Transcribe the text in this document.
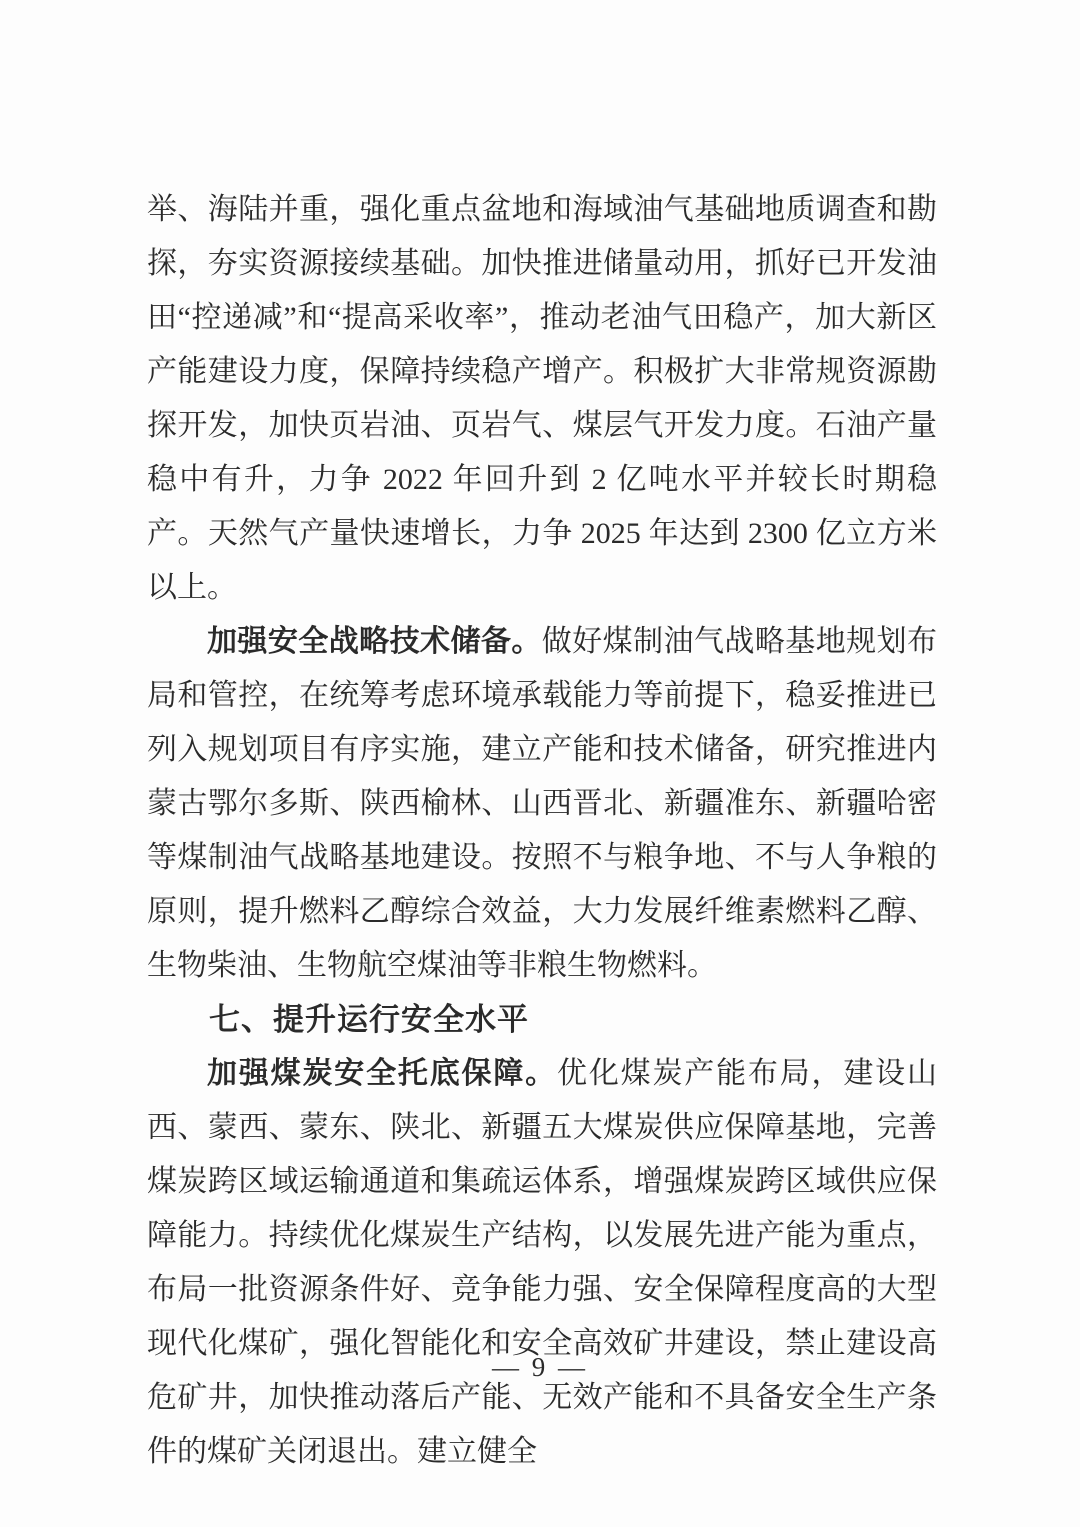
举、海陆并重，强化重点盆地和海域油气基础地质调查和勘探，夯实资源接续基础。加快推进储量动用，抓好已开发油田“控递减”和“提高采收率”，推动老油气田稳产，加大新区产能建设力度，保障持续稳产增产。积极扩大非常规资源勘探开发，加快页岩油、页岩气、煤层气开发力度。石油产量稳中有升，力争 2022 年回升到 2 亿吨水平并较长时期稳产。天然气产量快速增长，力争 2025 年达到 2300 亿立方米以上。

加强安全战略技术储备。做好煤制油气战略基地规划布局和管控，在统筹考虑环境承载能力等前提下，稳妥推进已列入规划项目有序实施，建立产能和技术储备，研究推进内蒙古鄂尔多斯、陕西榆林、山西晋北、新疆准东、新疆哈密等煤制油气战略基地建设。按照不与粮争地、不与人争粮的原则，提升燃料乙醇综合效益，大力发展纤维素燃料乙醇、生物柴油、生物航空煤油等非粮生物燃料。

七、提升运行安全水平

加强煤炭安全托底保障。优化煤炭产能布局，建设山西、蒙西、蒙东、陕北、新疆五大煤炭供应保障基地，完善煤炭跨区域运输通道和集疏运体系，增强煤炭跨区域供应保障能力。持续优化煤炭生产结构，以发展先进产能为重点，布局一批资源条件好、竞争能力强、安全保障程度高的大型现代化煤矿，强化智能化和安全高效矿井建设，禁止建设高危矿井，加快推动落后产能、无效产能和不具备安全生产条件的煤矿关闭退出。建立健全

— 9 —
